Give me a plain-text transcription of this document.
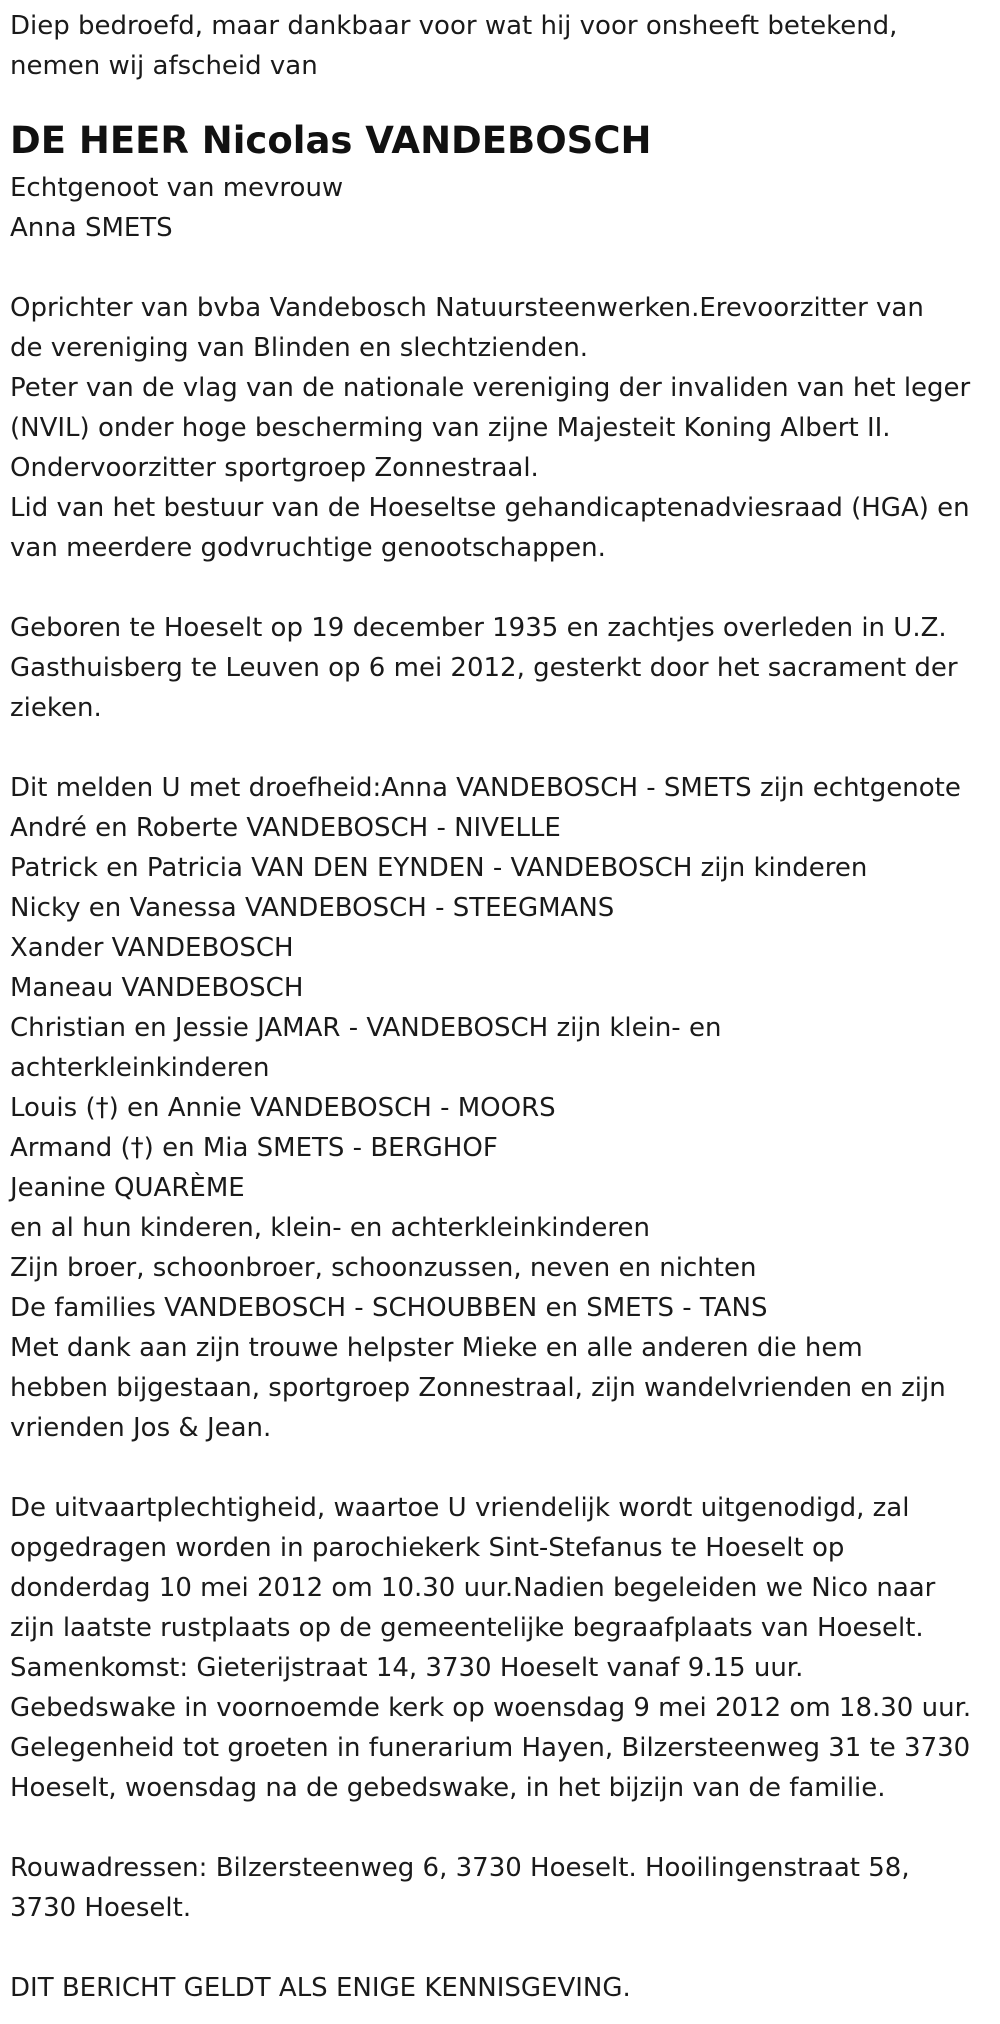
Diep bedroefd, maar dankbaar voor wat hij voor onsheeft betekend,
nemen wij afscheid van
DE HEER Nicolas VANDEBOSCH
Echtgenoot van mevrouw
Anna SMETS
Oprichter van bvba Vandebosch Natuursteenwerken.Erevoorzitter van
de vereniging van Blinden en slechtzienden.
Peter van de vlag van de nationale vereniging der invaliden van het leger
(NVIL) onder hoge bescherming van zijne Majesteit Koning Albert II.
Ondervoorzitter sportgroep Zonnestraal.
Lid van het bestuur van de Hoeseltse gehandicaptenadviesraad (HGA) en
van meerdere godvruchtige genootschappen.
Geboren te Hoeselt op 19 december 1935 en zachtjes overleden in U.Z.
Gasthuisberg te Leuven op 6 mei 2012, gesterkt door het sacrament der
zieken.
Dit melden U met droefheid:Anna VANDEBOSCH - SMETS zijn echtgenote
André en Roberte VANDEBOSCH - NIVELLE
Patrick en Patricia VAN DEN EYNDEN - VANDEBOSCH zijn kinderen
Nicky en Vanessa VANDEBOSCH - STEEGMANS
Xander VANDEBOSCH
Maneau VANDEBOSCH
Christian en Jessie JAMAR - VANDEBOSCH zijn klein- en
achterkleinkinderen
Louis (†) en Annie VANDEBOSCH - MOORS
Armand (†) en Mia SMETS - BERGHOF
Jeanine QUARÈME
en al hun kinderen, klein- en achterkleinkinderen
Zijn broer, schoonbroer, schoonzussen, neven en nichten
De families VANDEBOSCH - SCHOUBBEN en SMETS - TANS
Met dank aan zijn trouwe helpster Mieke en alle anderen die hem
hebben bijgestaan, sportgroep Zonnestraal, zijn wandelvrienden en zijn
vrienden Jos & Jean.
De uitvaartplechtigheid, waartoe U vriendelijk wordt uitgenodigd, zal
opgedragen worden in parochiekerk Sint-Stefanus te Hoeselt op
donderdag 10 mei 2012 om 10.30 uur.Nadien begeleiden we Nico naar
zijn laatste rustplaats op de gemeentelijke begraafplaats van Hoeselt.
Samenkomst: Gieterijstraat 14, 3730 Hoeselt vanaf 9.15 uur.
Gebedswake in voornoemde kerk op woensdag 9 mei 2012 om 18.30 uur.
Gelegenheid tot groeten in funerarium Hayen, Bilzersteenweg 31 te 3730
Hoeselt, woensdag na de gebedswake, in het bijzijn van de familie.
Rouwadressen: Bilzersteenweg 6, 3730 Hoeselt. Hooilingenstraat 58,
3730 Hoeselt.
DIT BERICHT GELDT ALS ENIGE KENNISGEVING.
